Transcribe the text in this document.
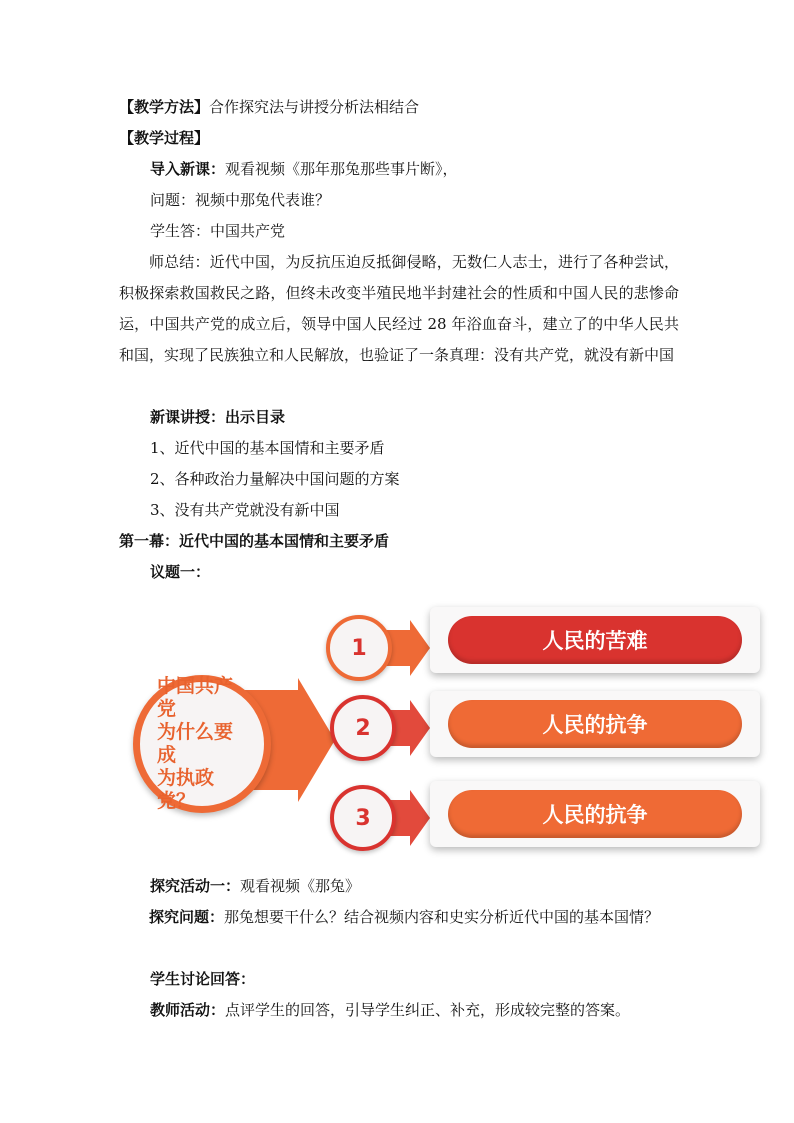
【教学方法】合作探究法与讲授分析法相结合
【教学过程】
导入新课：观看视频《那年那兔那些事片断》，
问题：视频中那兔代表谁？
学生答：中国共产党
师总结：近代中国，为反抗压迫反抵御侵略，无数仁人志士，进行了各种尝试，积极探索救国救民之路，但终未改变半殖民地半封建社会的性质和中国人民的悲惨命运，中国共产党的成立后，领导中国人民经过 28 年浴血奋斗，建立了的中华人民共和国，实现了民族独立和人民解放，也验证了一条真理：没有共产党，就没有新中国
新课讲授：出示目录
1、近代中国的基本国情和主要矛盾
2、各种政治力量解决中国问题的方案
3、没有共产党就没有新中国
第一幕：近代中国的基本国情和主要矛盾
议题一：
中国共产党
为什么要成
为执政党？
1
2
3
人民的苦难
人民的抗争
人民的抗争
探究活动一：观看视频《那兔》
探究问题：那兔想要干什么？结合视频内容和史实分析近代中国的基本国情？
学生讨论回答：
教师活动：点评学生的回答，引导学生纠正、补充，形成较完整的答案。
